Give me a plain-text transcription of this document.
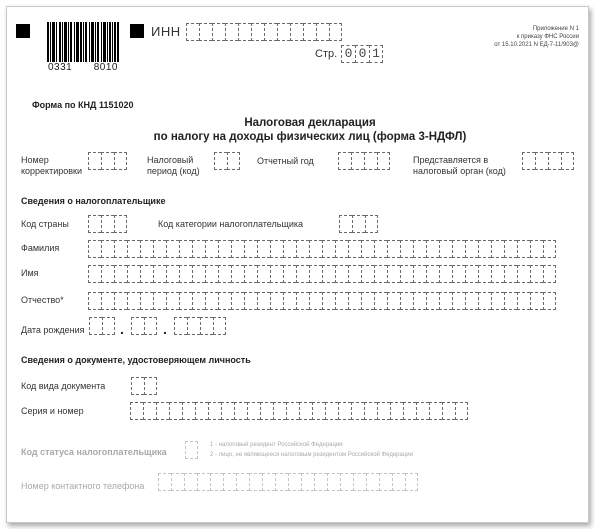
0331 8010
ИНН	Приложение N 1
к приказу ФНС России
от 15.10.2021 N ЕД-7-11/903@
Стр. 0 0 1
Форма по КНД 1151020
Налоговая декларация
по налогу на доходы физических лиц (форма 3-НДФЛ)
Номер
корректировки
Налоговый
период (код)
Отчетный год	Представляется в
налоговый орган (код)
Сведения о налогоплательщике
Код страны	Код категории налогоплательщика
Фамилия
Имя
Отчество*
Дата рождения	.	.
Сведения о документе, удостоверяющем личность
Код вида документа
Серия и номер
Код статуса налогоплательщика
1 - налоговый резидент Российской Федерации
2 - лицо, не являющееся налоговым резидентом Российской Федерации
Номер контактного телефона
